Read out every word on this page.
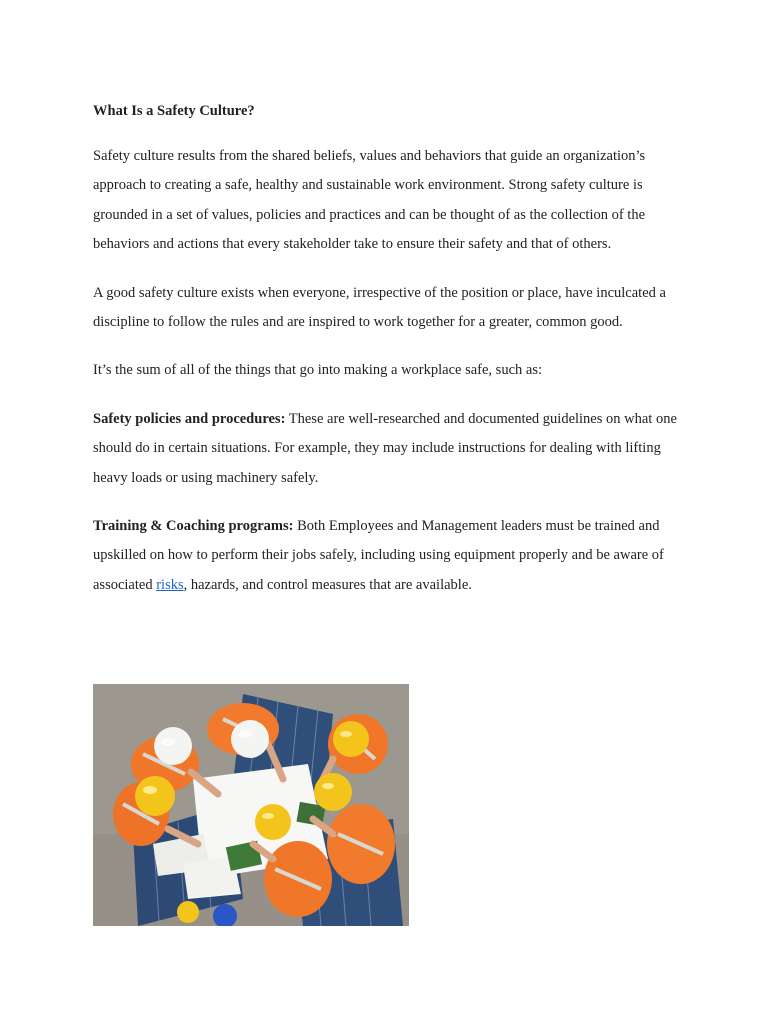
What Is a Safety Culture?

Safety culture results from the shared beliefs, values and behaviors that guide an organization’s approach to creating a safe, healthy and sustainable work environment. Strong safety culture is grounded in a set of values, policies and practices and can be thought of as the collection of the behaviors and actions that every stakeholder take to ensure their safety and that of others.

A good safety culture exists when everyone, irrespective of the position or place, have inculcated a discipline to follow the rules and are inspired to work together for a greater, common good.

It’s the sum of all of the things that go into making a workplace safe, such as:

Safety policies and procedures: These are well-researched and documented guidelines on what one should do in certain situations. For example, they may include instructions for dealing with lifting heavy loads or using machinery safely.

Training & Coaching programs: Both Employees and Management leaders must be trained and upskilled on how to perform their jobs safely, including using equipment properly and be aware of associated risks, hazards, and control measures that are available.
